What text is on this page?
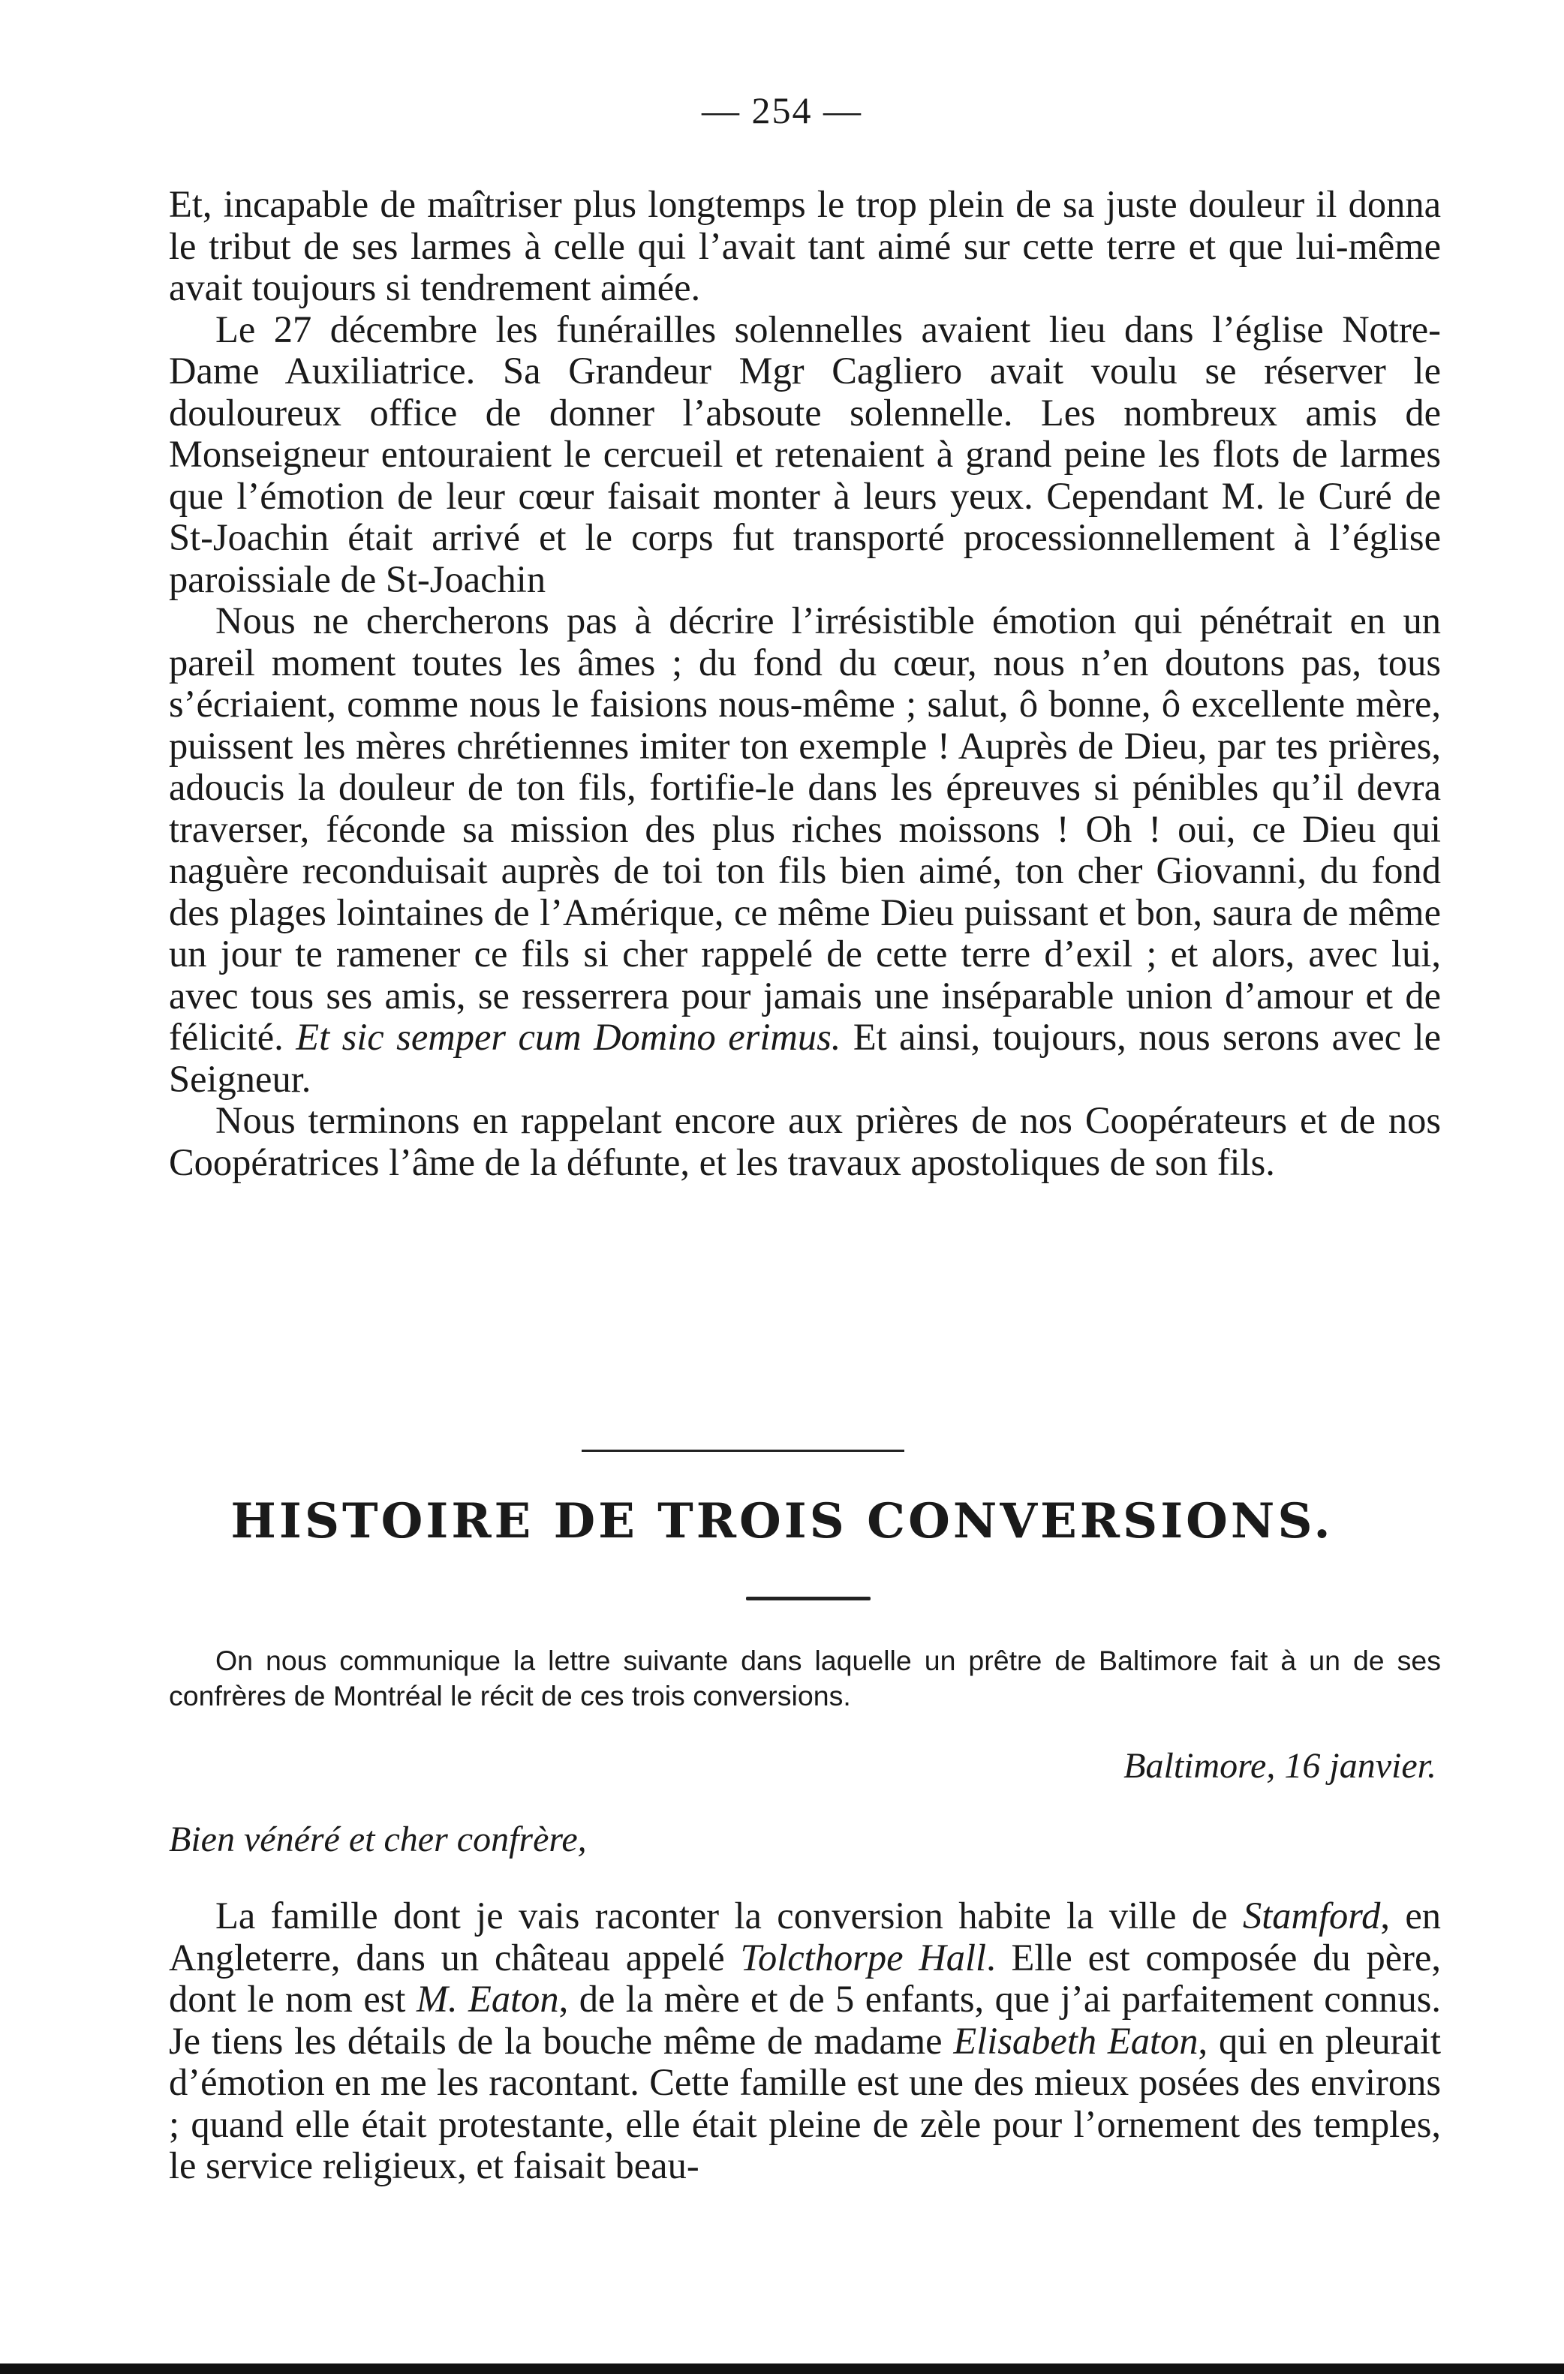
— 254 —

Et, incapable de maîtriser plus longtemps le trop plein de sa juste douleur il donna le tribut de ses larmes à celle qui l’avait tant aimé sur cette terre et que lui-même avait toujours si tendrement aimée.

Le 27 décembre les funérailles solennelles avaient lieu dans l’église Notre-Dame Auxiliatrice. Sa Grandeur Mgr Cagliero avait voulu se réserver le douloureux office de donner l’absoute solennelle. Les nombreux amis de Monseigneur entouraient le cercueil et retenaient à grand peine les flots de larmes que l’émotion de leur cœur faisait monter à leurs yeux. Cependant M. le Curé de St-Joachin était arrivé et le corps fut transporté processionnellement à l’église paroissiale de St-Joachin

Nous ne chercherons pas à décrire l’irrésistible émotion qui pénétrait en un pareil moment toutes les âmes ; du fond du cœur, nous n’en doutons pas, tous s’écriaient, comme nous le faisions nous-même ; salut, ô bonne, ô excellente mère, puissent les mères chrétiennes imiter ton exemple ! Auprès de Dieu, par tes prières, adoucis la douleur de ton fils, fortifie-le dans les épreuves si pénibles qu’il devra traverser, féconde sa mission des plus riches moissons ! Oh ! oui, ce Dieu qui naguère reconduisait auprès de toi ton fils bien aimé, ton cher Giovanni, du fond des plages lointaines de l’Amérique, ce même Dieu puissant et bon, saura de même un jour te ramener ce fils si cher rappelé de cette terre d’exil ; et alors, avec lui, avec tous ses amis, se resserrera pour jamais une inséparable union d’amour et de félicité. Et sic semper cum Domino erimus. Et ainsi, toujours, nous serons avec le Seigneur.

Nous terminons en rappelant encore aux prières de nos Coopérateurs et de nos Coopératrices l’âme de la défunte, et les travaux apostoliques de son fils.

HISTOIRE DE TROIS CONVERSIONS.
On nous communique la lettre suivante dans laquelle un prêtre de Baltimore fait à un de ses confrères de Montréal le récit de ces trois conversions.
Baltimore, 16 janvier.
Bien vénéré et cher confrère,

La famille dont je vais raconter la conversion habite la ville de Stamford, en Angleterre, dans un château appelé Tolcthorpe Hall. Elle est composée du père, dont le nom est M. Eaton, de la mère et de 5 enfants, que j’ai parfaitement connus. Je tiens les détails de la bouche même de madame Elisabeth Eaton, qui en pleurait d’émotion en me les racontant. Cette famille est une des mieux posées des environs ; quand elle était protestante, elle était pleine de zèle pour l’ornement des temples, le service religieux, et faisait beau-
